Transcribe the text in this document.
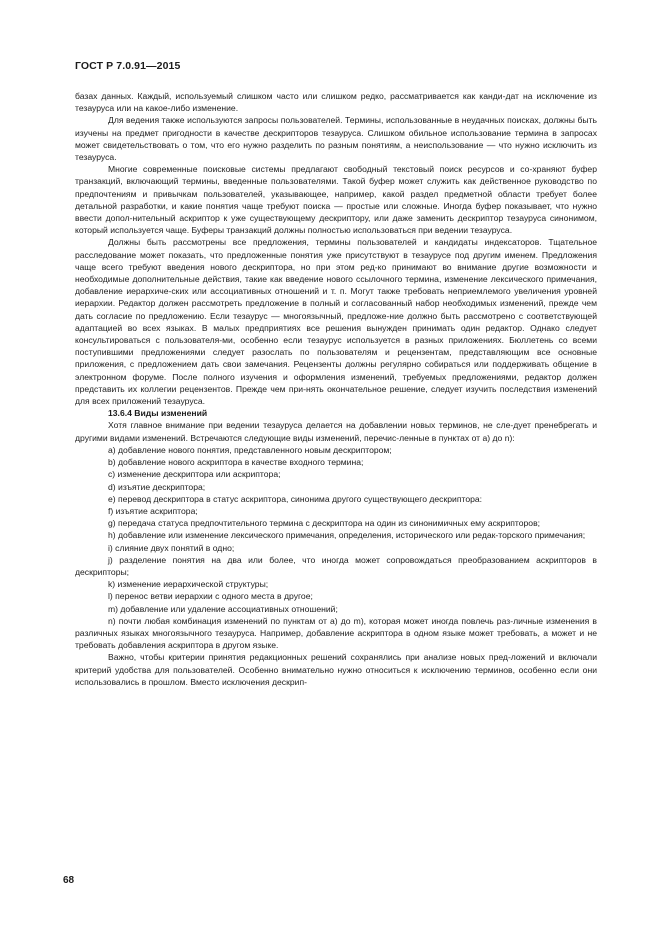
ГОСТ Р 7.0.91—2015

базах данных. Каждый, используемый слишком часто или слишком редко, рассматривается как канди-дат на исключение из тезауруса или на какое-либо изменение.

Для ведения также используются запросы пользователей. Термины, использованные в неудачных поисках, должны быть изучены на предмет пригодности в качестве дескрипторов тезауруса. Слишком обильное использование термина в запросах может свидетельствовать о том, что его нужно разделить по разным понятиям, а неиспользование — что нужно исключить из тезауруса.

Многие современные поисковые системы предлагают свободный текстовый поиск ресурсов и со-храняют буфер транзакций, включающий термины, введенные пользователями. Такой буфер может служить как действенное руководство по предпочтениям и привычкам пользователей, указывающее, например, какой раздел предметной области требует более детальной разработки, и какие понятия чаще требуют поиска — простые или сложные. Иногда буфер показывает, что нужно ввести допол-нительный аскриптор к уже существующему дескриптору, или даже заменить дескриптор тезауруса синонимом, который используется чаще. Буферы транзакций должны полностью использоваться при ведении тезауруса.

Должны быть рассмотрены все предложения, термины пользователей и кандидаты индексаторов. Тщательное расследование может показать, что предложенные понятия уже присутствуют в тезаурусе под другим именем. Предложения чаще всего требуют введения нового дескриптора, но при этом ред-ко принимают во внимание другие возможности и необходимые дополнительные действия, такие как введение нового ссылочного термина, изменение лексического примечания, добавление иерархиче-ских или ассоциативных отношений и т. п. Могут также требовать неприемлемого увеличения уровней иерархии. Редактор должен рассмотреть предложение в полный и согласованный набор необходимых изменений, прежде чем дать согласие по предложению. Если тезаурус — многоязычный, предложе-ние должно быть рассмотрено с соответствующей адаптацией во всех языках. В малых предприятиях все решения вынужден принимать один редактор. Однако следует консультироваться с пользователя-ми, особенно если тезаурус используется в разных приложениях. Бюллетень со всеми поступившими предложениями следует разослать по пользователям и рецензентам, представляющим все основные приложения, с предложением дать свои замечания. Рецензенты должны регулярно собираться или поддерживать общение в электронном форуме. После полного изучения и оформления изменений, требуемых предложениями, редактор должен представить их коллегии рецензентов. Прежде чем при-нять окончательное решение, следует изучить последствия изменений для всех приложений тезауруса.

13.6.4 Виды изменений

Хотя главное внимание при ведении тезауруса делается на добавлении новых терминов, не сле-дует пренебрегать и другими видами изменений. Встречаются следующие виды изменений, перечис-ленные в пунктах от a) до n):

a) добавление нового понятия, представленного новым дескриптором;

b) добавление нового аскриптора в качестве входного термина;

c) изменение дескриптора или аскриптора;

d) изъятие дескриптора;

e) перевод дескриптора в статус аскриптора, синонима другого существующего дескриптора:

f) изъятие аскриптора;

g) передача статуса предпочтительного термина с дескриптора на один из синонимичных ему аскрипторов;

h) добавление или изменение лексического примечания, определения, исторического или редак-торского примечания;

i) слияние двух понятий в одно;

j) разделение понятия на два или более, что иногда может сопровождаться преобразованием аскрипторов в дескрипторы;

k) изменение иерархической структуры;

l) перенос ветви иерархии с одного места в другое;

m) добавление или удаление ассоциативных отношений;

n) почти любая комбинация изменений по пунктам от a) до m), которая может иногда повлечь раз-личные изменения в различных языках многоязычного тезауруса. Например, добавление аскриптора в одном языке может требовать, а может и не требовать добавления аскриптора в другом языке.

Важно, чтобы критерии принятия редакционных решений сохранялись при анализе новых пред-ложений и включали критерий удобства для пользователей. Особенно внимательно нужно относиться к исключению терминов, особенно если они использовались в прошлом. Вместо исключения дескрип-

68
